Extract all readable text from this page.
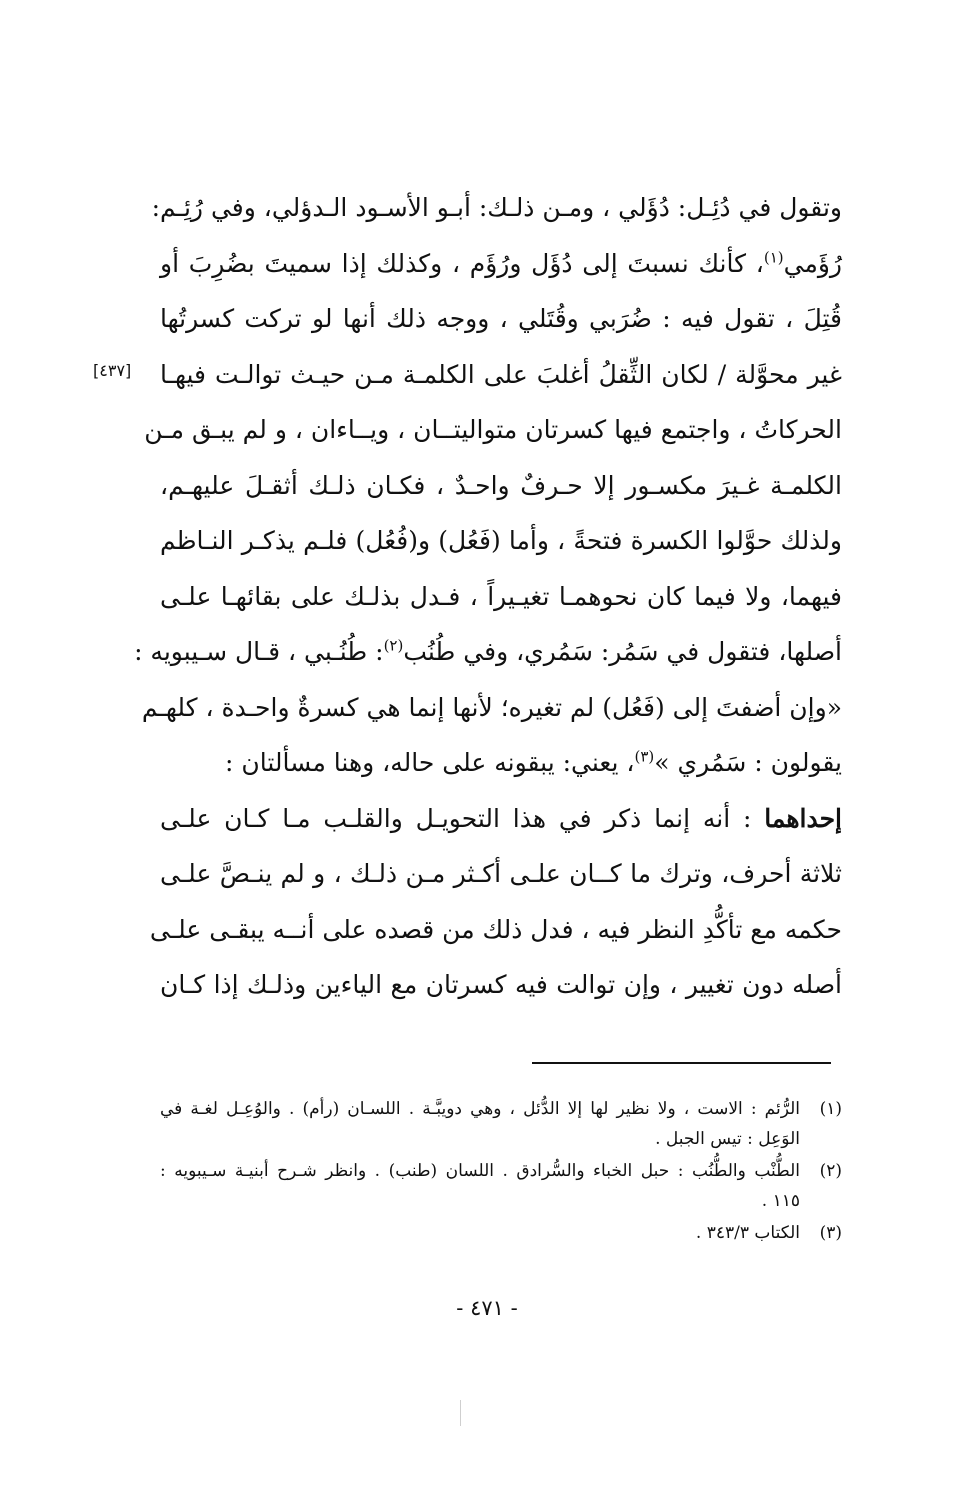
[٤٣٧]
وتقول في دُئِـل: دُؤَلي ، ومـن ذلـك: أبـو الأسـود الـدؤلي، وفي رُئِـم:
رُؤَمي$^{(١)}$، كأنك نسبتَ إلى دُؤَل ورُؤَم ، وكذلك إذا سميتَ بضُرِبَ أو
قُتِلَ ، تقول فيه : ضُرَبي وقُتَلي ، ووجه ذلك أنها لو تركت كسرتُها
غير محوَّلة / لكان الثِّقلُ أغلبَ على الكلمـة مـن حيـث توالـت فيهـا
الحركاتُ ، واجتمع فيها كسرتان متواليتــان ، ويــاءان ، و لم يبـق مـن
الكلمـة غـيرَ مكسـور إلا حـرفٌ واحـدٌ ، فكـان ذلـك أثقـلَ عليهـم،
ولذلك حوَّلوا الكسرة فتحةً ، وأما (فَعُل) و(فُعُل) فلـم يذكـر النـاظم
فيهما، ولا فيما كان نحوهمـا تغيـيراً ، فـدل بذلـك على بقائهـا علـى
أصلها، فتقول في سَمُر: سَمُري، وفي طُنُب$^{(٢)}$: طُنُـبي ، قـال سـيبويه :
«وإن أضفتَ إلى (فَعُل) لم تغيره؛ لأنها إنما هي كسرةٌ واحـدة ، كلهـم
يقولون : سَمُري »$^{(٣)}$، يعني: يبقونه على حاله، وهنا مسألتان :
إحداهما : أنه إنما ذكر في هذا التحويـل والقلـب مـا كـان علـى
ثلاثة أحرف، وترك ما كــان علـى أكـثر مـن ذلـك ، و لم ينـصَّ علـى
حكمه مع تأكُّدِ النظر فيه ، فدل ذلك من قصده على أنــه يبقـى علـى
أصله دون تغيير ، وإن توالت فيه كسرتان مع الياءين وذلـك إذا كـان
(١)
الرُّئم : الاست ، ولا نظير لها إلا الدُّئل ، وهي دويبَّـة . اللسـان (رأم) . والوُعِـل لغـة في
الوَعِل : تيس الجبل .
(٢)
الطُّنْب والطُّنُب : حبل الخباء والسُّرادق . اللسان (طنب) . وانظر شـرح أبنيـة سـيبويه :
١١٥ .
(٣)
الكتاب ٣٤٣/٣ .
- ٤٧١ -
